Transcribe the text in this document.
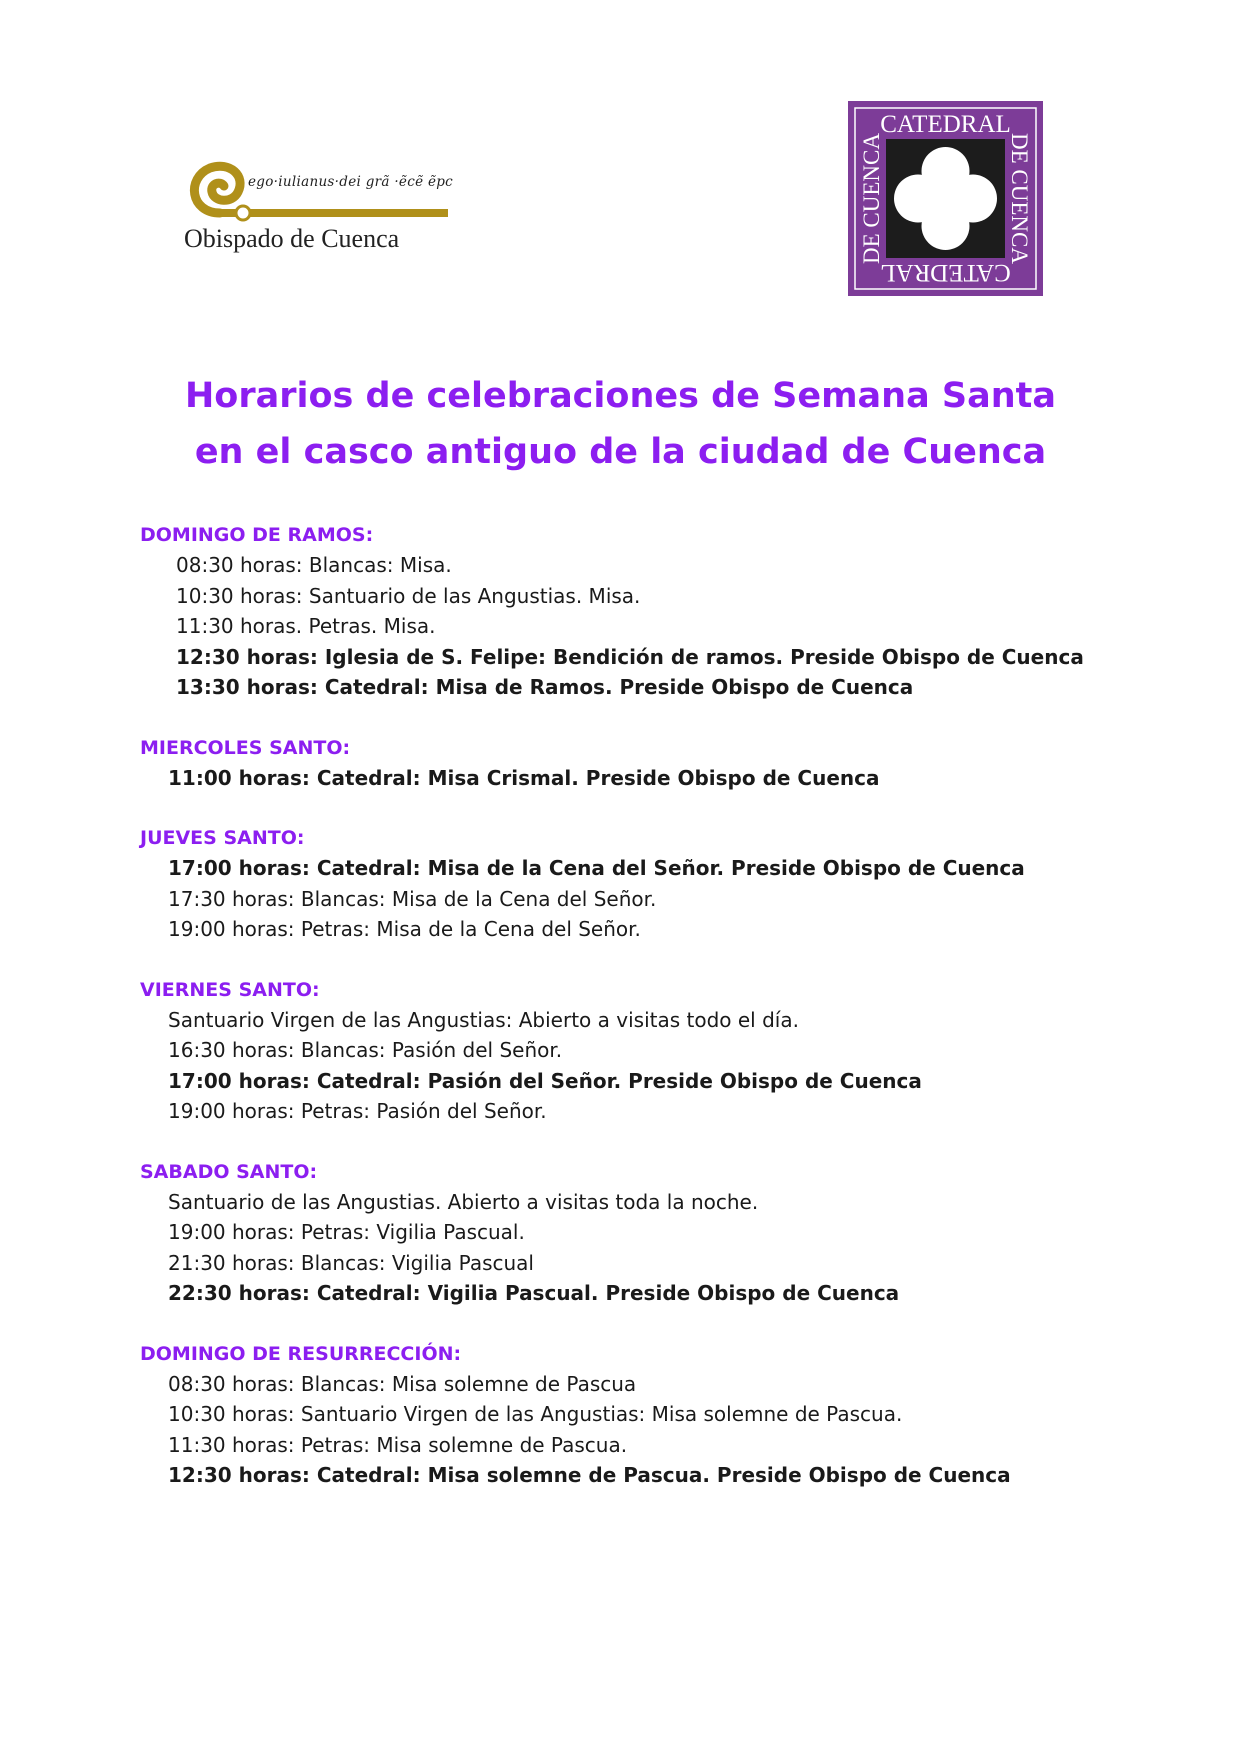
ego·iulianus·dei grã ·ẽcẽ ẽpc
Obispado de Cuenca
CATEDRAL
DE CUENCA
CATEDRAL
DE CUENCA
Horarios de celebraciones de Semana Santa
en el casco antiguo de la ciudad de Cuenca
DOMINGO DE RAMOS:
08:30 horas: Blancas: Misa.
10:30 horas: Santuario de las Angustias. Misa.
11:30 horas. Petras. Misa.
12:30 horas: Iglesia de S. Felipe: Bendición de ramos. Preside Obispo de Cuenca
13:30 horas: Catedral: Misa de Ramos. Preside Obispo de Cuenca
MIERCOLES SANTO:
11:00 horas: Catedral: Misa Crismal. Preside Obispo de Cuenca
JUEVES SANTO:
17:00 horas: Catedral: Misa de la Cena del Señor. Preside Obispo de Cuenca
17:30 horas: Blancas: Misa de la Cena del Señor.
19:00 horas: Petras: Misa de la Cena del Señor.
VIERNES SANTO:
Santuario Virgen de las Angustias: Abierto a visitas todo el día.
16:30 horas: Blancas: Pasión del Señor.
17:00 horas: Catedral: Pasión del Señor. Preside Obispo de Cuenca
19:00 horas: Petras: Pasión del Señor.
SABADO SANTO:
Santuario de las Angustias. Abierto a visitas toda la noche.
19:00 horas: Petras: Vigilia Pascual.
21:30 horas: Blancas: Vigilia Pascual
22:30 horas: Catedral: Vigilia Pascual. Preside Obispo de Cuenca
DOMINGO DE RESURRECCIÓN:
08:30 horas: Blancas: Misa solemne de Pascua
10:30 horas: Santuario Virgen de las Angustias: Misa solemne de Pascua.
11:30 horas: Petras: Misa solemne de Pascua.
12:30 horas: Catedral: Misa solemne de Pascua. Preside Obispo de Cuenca
